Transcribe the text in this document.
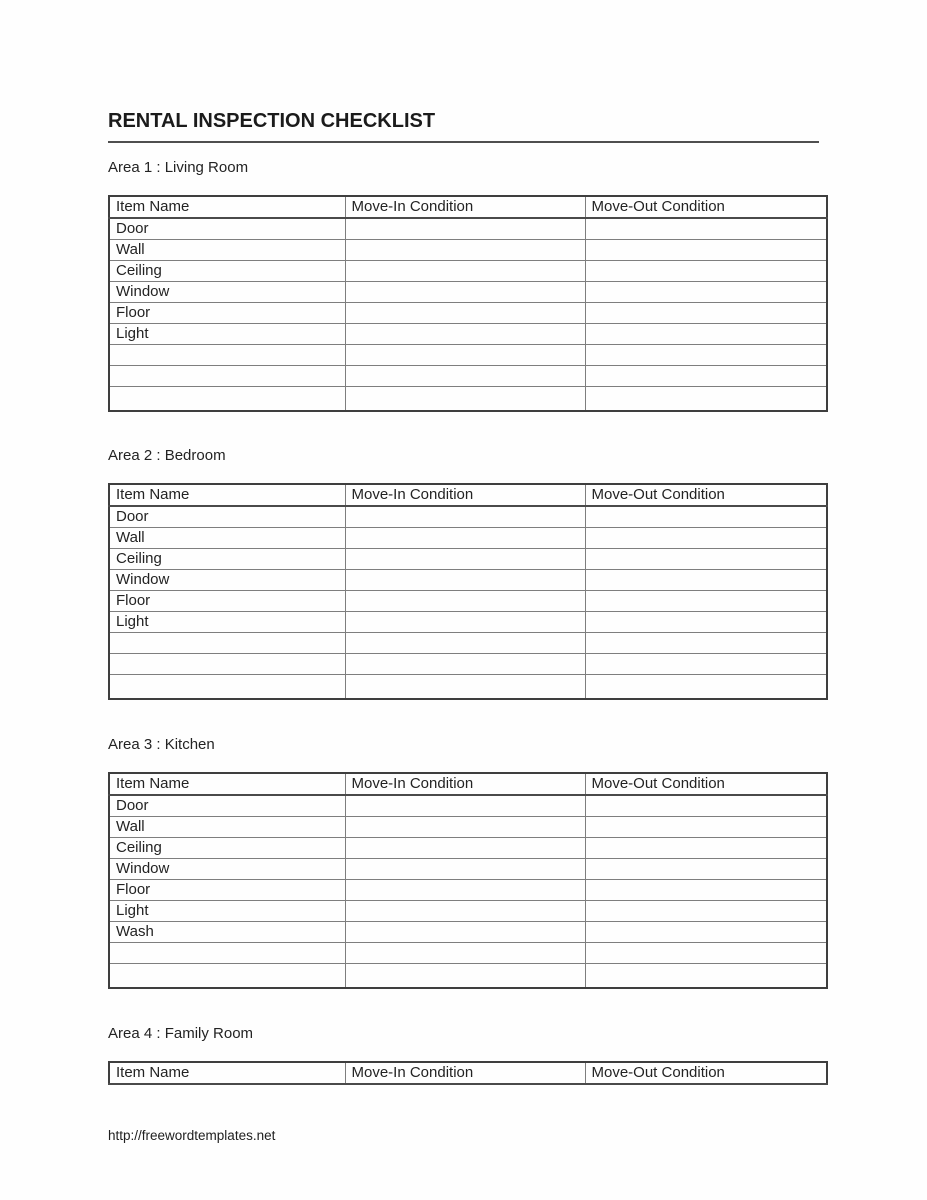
RENTAL INSPECTION CHECKLIST
Area 1 : Living Room
Item Name	Move-In Condition	Move-Out Condition
Door		
Wall		
Ceiling		
Window		
Floor		
Light		

Area 2 : Bedroom
Item Name	Move-In Condition	Move-Out Condition
Door		
Wall		
Ceiling		
Window		
Floor		
Light		

Area 3 : Kitchen
Item Name	Move-In Condition	Move-Out Condition
Door		
Wall		
Ceiling		
Window		
Floor		
Light		
Wash		

Area 4 : Family Room
Item Name	Move-In Condition	Move-Out Condition
http://freewordtemplates.net
